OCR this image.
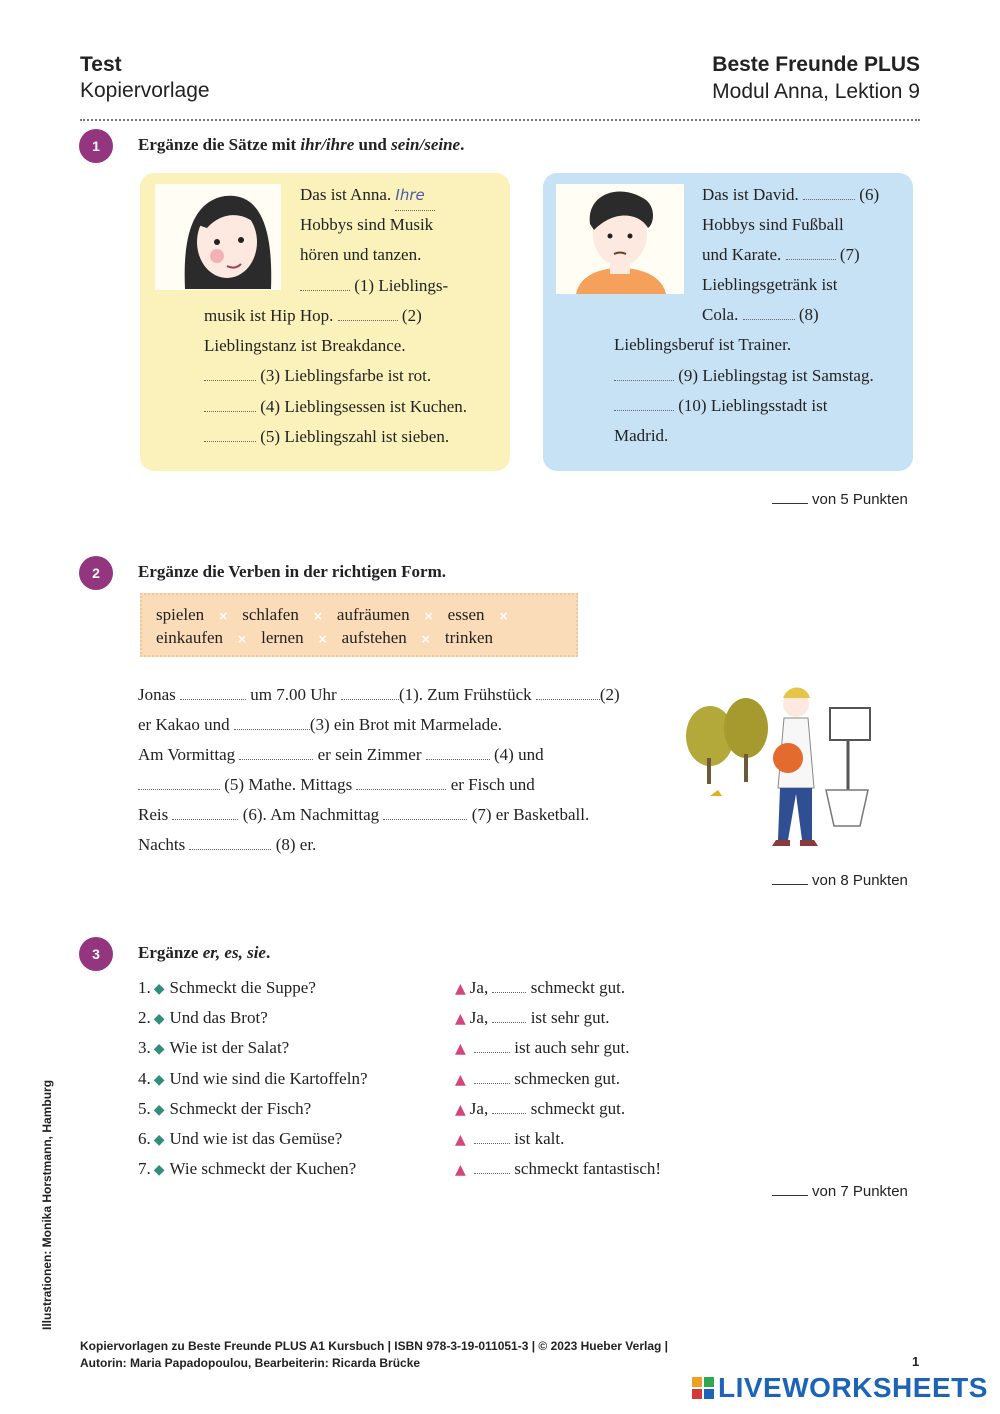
Test
Kopiervorlage
Beste Freunde PLUS
Modul Anna, Lektion 9
1	Ergänze die Sätze mit ihr/ihre und sein/seine.
Das ist Anna. Ihre
Hobbys sind Musik
hören und tanzen.
(1) Lieblings-
musik ist Hip Hop.	(2)
Lieblingstanz ist Breakdance.
(3) Lieblingsfarbe ist rot.
(4) Lieblingsessen ist Kuchen.
(5) Lieblingszahl ist sieben.
Das ist David.	(6)
Hobbys sind Fußball
und Karate.	(7)
Lieblingsgetränk ist
Cola.	(8)
Lieblingsberuf ist Trainer.
(9) Lieblingstag ist Samstag.
(10) Lieblingsstadt ist
Madrid.
von 5 Punkten
2	Ergänze die Verben in der richtigen Form.
spielen × schlafen × aufräumen × essen ×
einkaufen × lernen × aufstehen × trinken
Jonas	um 7.00 Uhr	(1). Zum Frühstück	(2)
er Kakao und	(3) ein Brot mit Marmelade.
Am Vormittag	er sein Zimmer	(4) und
(5) Mathe. Mittags	er Fisch und
Reis	(6). Am Nachmittag	(7) er Basketball.
Nachts	(8) er.
von 8 Punkten
3	Ergänze er, es, sie.
1. ◆ Schmeckt die Suppe?	▲ Ja,	schmeckt gut.
2. ◆ Und das Brot?	▲ Ja,	ist sehr gut.
3. ◆ Wie ist der Salat?	▲	ist auch sehr gut.
4. ◆ Und wie sind die Kartoffeln?	▲	schmecken gut.
5. ◆ Schmeckt der Fisch?	▲ Ja,	schmeckt gut.
6. ◆ Und wie ist das Gemüse?	▲	ist kalt.
7. ◆ Wie schmeckt der Kuchen?	▲	schmeckt fantastisch!
von 7 Punkten
Illustrationen: Monika Horstmann, Hamburg
Kopiervorlagen zu Beste Freunde PLUS A1 Kursbuch | ISBN 978-3-19-011051-3 | © 2023 Hueber Verlag |
Autorin: Maria Papadopoulou, Bearbeiterin: Ricarda Brücke	1
LIVEWORKSHEETS
